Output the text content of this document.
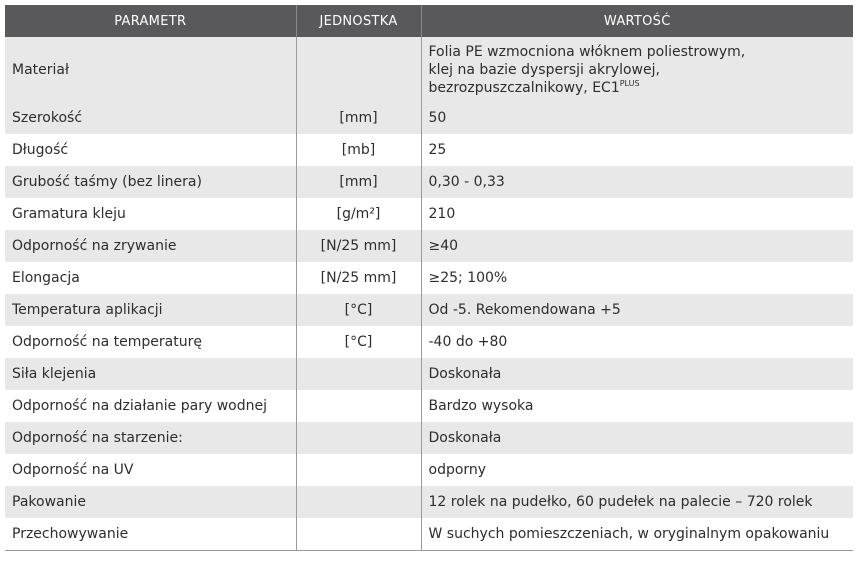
PARAMETR	JEDNOSTKA	WARTOŚĆ
Materiał		Folia PE wzmocniona włóknem poliestrowym,
klej na bazie dyspersji akrylowej,
bezrozpuszczalnikowy, $EC1^{PLUS}$
Szerokość	[mm]	50
Długość	[mb]	25
Grubość taśmy (bez linera)	[mm]	0,30 - 0,33
Gramatura kleju	[g/m²]	210
Odporność na zrywanie	[N/25 mm]	≥40
Elongacja	[N/25 mm]	≥25; 100%
Temperatura aplikacji	[°C]	Od -5. Rekomendowana +5
Odporność na temperaturę	[°C]	-40 do +80
Siła klejenia		Doskonała
Odporność na działanie pary wodnej		Bardzo wysoka
Odporność na starzenie:		Doskonała
Odporność na UV		odporny
Pakowanie		12 rolek na pudełko, 60 pudełek na palecie – 720 rolek
Przechowywanie		W suchych pomieszczeniach, w oryginalnym opakowaniu
